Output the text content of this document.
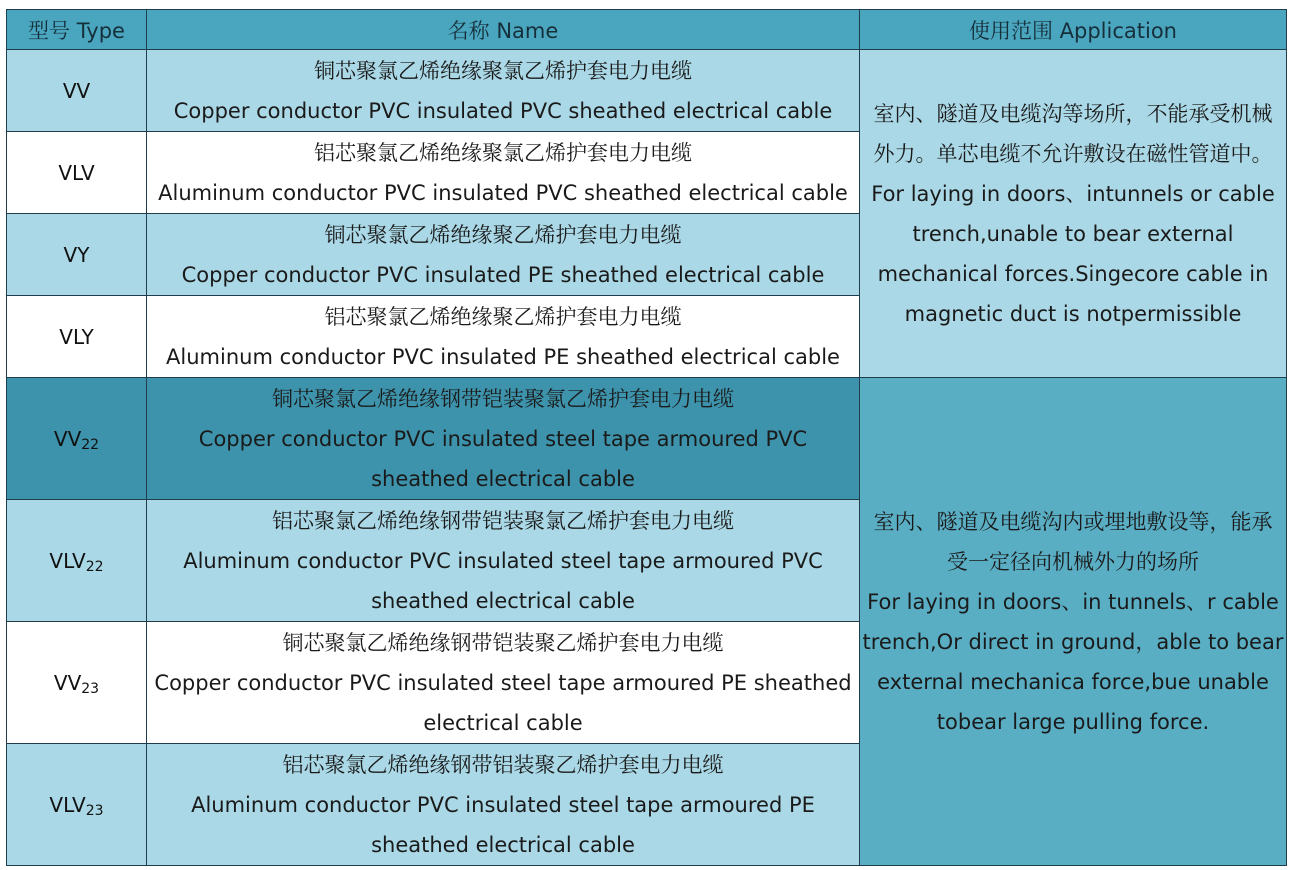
型号 Type	名称 Name	使用范围 Application
VV	铜芯聚氯乙烯绝缘聚氯乙烯护套电力电缆
Copper conductor PVC insulated PVC sheathed electrical cable	室内、隧道及电缆沟等场所，不能承受机械外力。单芯电缆不允许敷设在磁性管道中。
For laying in doors、intunnels or cable trench,unable to bear external mechanical forces.Singecore cable in magnetic duct is notpermissible

VLV	铝芯聚氯乙烯绝缘聚氯乙烯护套电力电缆
Aluminum conductor PVC insulated PVC sheathed electrical cable	

VY	铜芯聚氯乙烯绝缘聚乙烯护套电力电缆
Copper conductor PVC insulated PE sheathed electrical cable	

VLY	铝芯聚氯乙烯绝缘聚乙烯护套电力电缆
Aluminum conductor PVC insulated PE sheathed electrical cable	

$VV_{22}$	铜芯聚氯乙烯绝缘钢带铠装聚氯乙烯护套电力电缆
Copper conductor PVC insulated steel tape armoured PVC sheathed electrical cable	室内、隧道及电缆沟内或埋地敷设等，能承受一定径向机械外力的场所
For laying in doors、in tunnels、r cable trench,Or direct in ground，able to bear external mechanica force,bue unable tobear large pulling force.

$VLV_{22}$	铝芯聚氯乙烯绝缘钢带铠装聚氯乙烯护套电力电缆
Aluminum conductor PVC insulated steel tape armoured PVC sheathed electrical cable	

$VV_{23}$	铜芯聚氯乙烯绝缘钢带铠装聚乙烯护套电力电缆
Copper conductor PVC insulated steel tape armoured PE sheathed electrical cable	

$VLV_{23}$	铝芯聚氯乙烯绝缘钢带铝装聚乙烯护套电力电缆
Aluminum conductor PVC insulated steel tape armoured PE sheathed electrical cable	
